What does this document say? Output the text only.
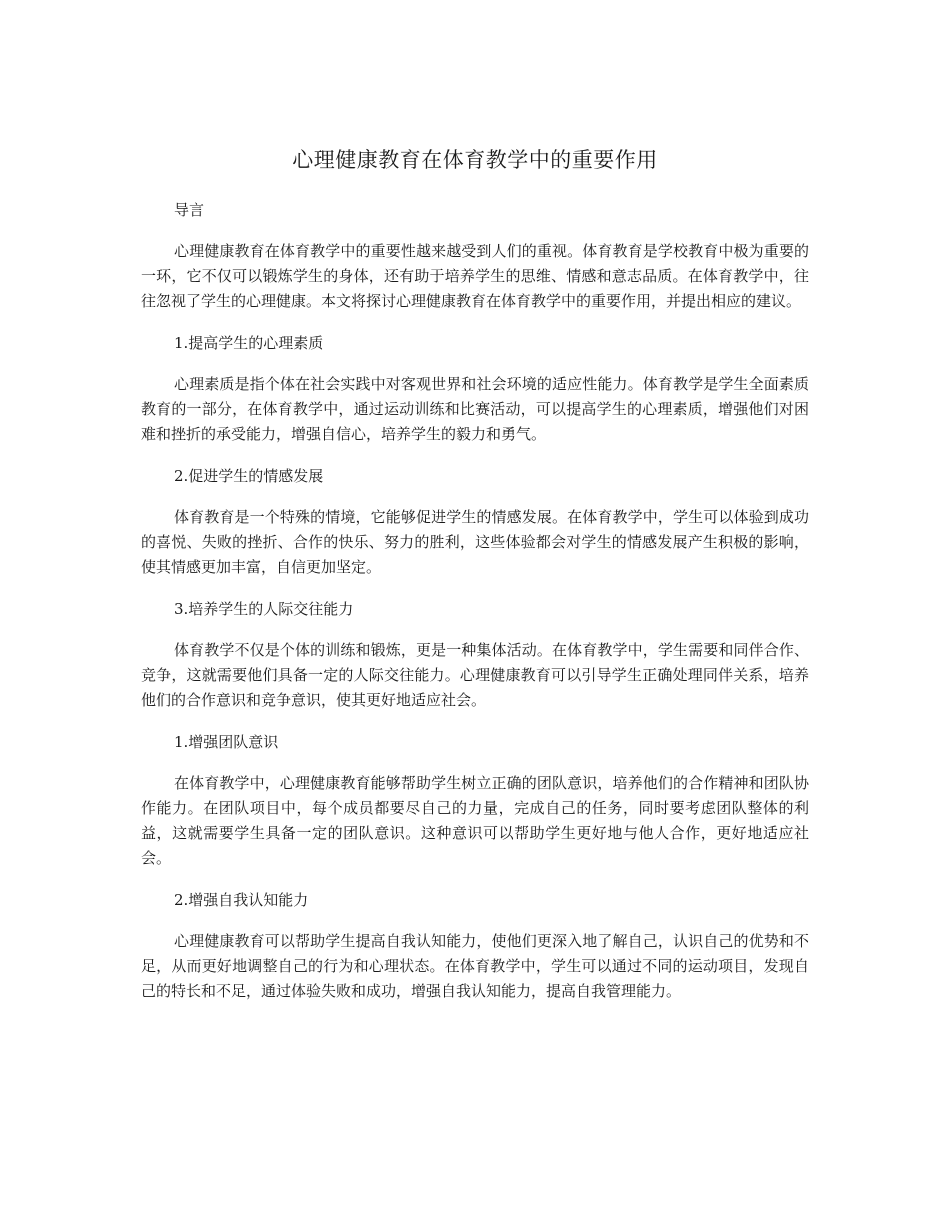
心理健康教育在体育教学中的重要作用
导言

心理健康教育在体育教学中的重要性越来越受到人们的重视。体育教育是学校教育中极为重要的一环，它不仅可以锻炼学生的身体，还有助于培养学生的思维、情感和意志品质。在体育教学中，往往忽视了学生的心理健康。本文将探讨心理健康教育在体育教学中的重要作用，并提出相应的建议。

1.提高学生的心理素质

心理素质是指个体在社会实践中对客观世界和社会环境的适应性能力。体育教学是学生全面素质教育的一部分，在体育教学中，通过运动训练和比赛活动，可以提高学生的心理素质，增强他们对困难和挫折的承受能力，增强自信心，培养学生的毅力和勇气。

2.促进学生的情感发展

体育教育是一个特殊的情境，它能够促进学生的情感发展。在体育教学中，学生可以体验到成功的喜悦、失败的挫折、合作的快乐、努力的胜利，这些体验都会对学生的情感发展产生积极的影响，使其情感更加丰富，自信更加坚定。

3.培养学生的人际交往能力

体育教学不仅是个体的训练和锻炼，更是一种集体活动。在体育教学中，学生需要和同伴合作、竞争，这就需要他们具备一定的人际交往能力。心理健康教育可以引导学生正确处理同伴关系，培养他们的合作意识和竞争意识，使其更好地适应社会。

1.增强团队意识

在体育教学中，心理健康教育能够帮助学生树立正确的团队意识，培养他们的合作精神和团队协作能力。在团队项目中，每个成员都要尽自己的力量，完成自己的任务，同时要考虑团队整体的利益，这就需要学生具备一定的团队意识。这种意识可以帮助学生更好地与他人合作，更好地适应社会。

2.增强自我认知能力

心理健康教育可以帮助学生提高自我认知能力，使他们更深入地了解自己，认识自己的优势和不足，从而更好地调整自己的行为和心理状态。在体育教学中，学生可以通过不同的运动项目，发现自己的特长和不足，通过体验失败和成功，增强自我认知能力，提高自我管理能力。
